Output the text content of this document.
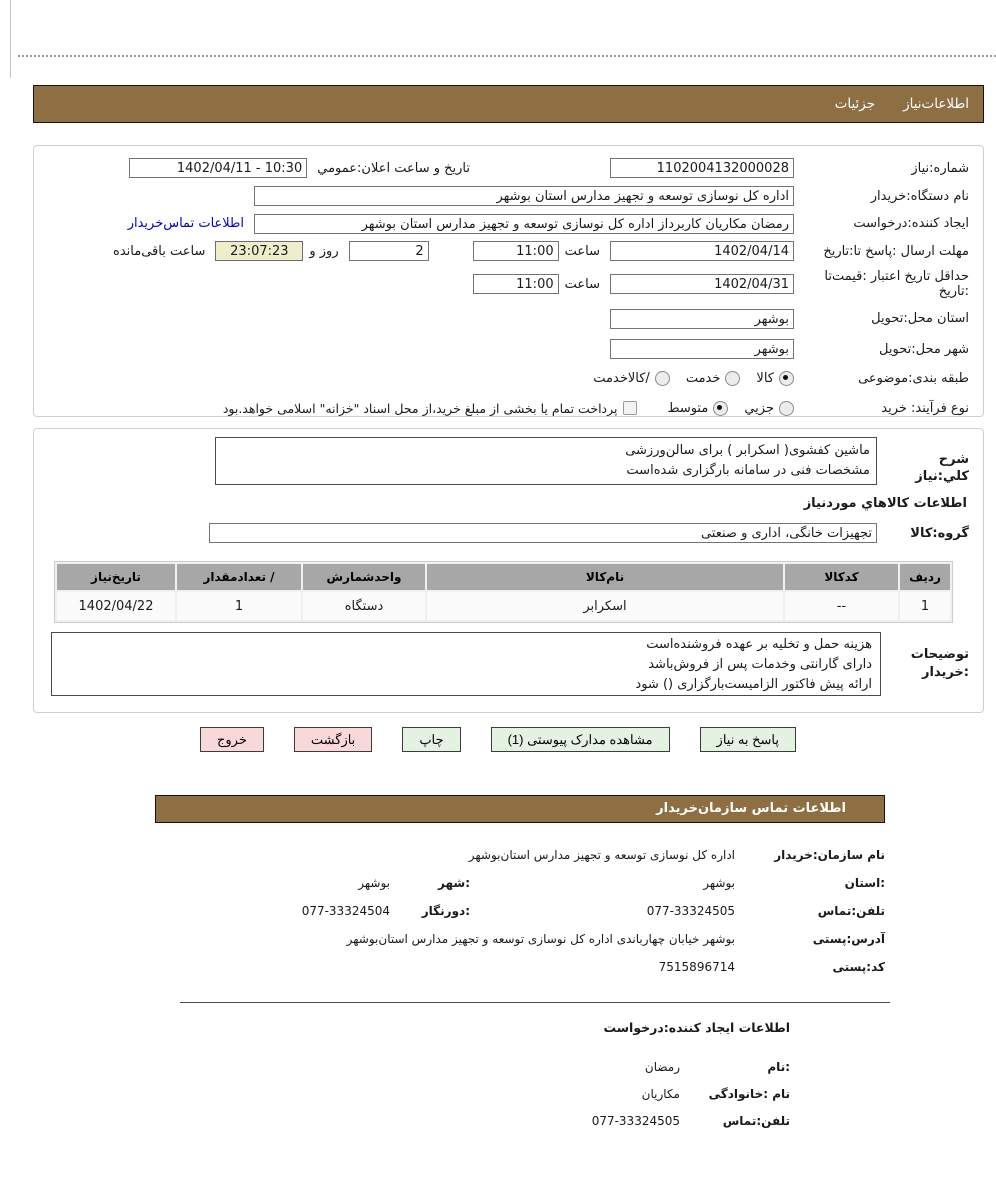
اطلاعات‌نیاز
جزئیات
شماره:نیاز
1102004132000028
تاریخ و ساعت اعلان:عمومي
1402/04/11 - 10:30
نام دستگاه:خریدار
اداره کل نوسازی توسعه و تجهیز مدارس استان بوشهر
ایجاد کننده:درخواست
رمضان مکاریان کاربرداز اداره کل نوسازی توسعه و تجهیز مدارس استان بوشهر
اطلاعات تماس‌خریدار
مهلت ارسال :پاسخ تا:تاریخ
1402/04/14
ساعت
11:00
2
روز و
23:07:23
ساعت باقی‌مانده
حداقل تاریخ اعتبار :قیمت‌تا :تاریخ
1402/04/31
ساعت
11:00
استان محل:تحویل
بوشهر
شهر محل:تحویل
بوشهر
طبقه بندی:موضوعی
کالا
خدمت
/کالاخدمت
نوع فرآیند: خرید
جزیي
متوسط
پرداخت تمام یا بخشی از مبلغ خرید،از محل اسناد "خزانه" اسلامی خواهد.بود
شرح کلي:نیاز
ماشین کفشوی( اسکرابر ) برای سالن‌ورزشی
مشخصات فنی در سامانه بارگزاری شده‌است
اطلاعات کالاهاي موردنیاز
گروه:کالا
تجهیزات خانگی، اداری و صنعتی
ردیف	کدکالا	نام‌کالا	واحدشمارش	/ تعدادمقدار	تاریخ‌نیاز
1	--	اسکرابر	دستگاه	1	1402/04/22
توضیحات :خریدار
هزینه حمل و تخلیه بر عهده فروشنده‌است
دارای گارانتی وخدمات پس از فروش‌باشد
ارائه پیش فاکتور الزامیست‌بارگزاری () شود
پاسخ به نیاز
مشاهده مدارک پیوستی (1)
چاپ
بازگشت
خروج
اطلاعات تماس سازمان‌خریدار
نام سازمان:خریدار
اداره کل نوسازی توسعه و تجهیز مدارس استان‌بوشهر
:استان
بوشهر
:شهر
بوشهر
تلفن:تماس
077-33324505
:دورنگار
077-33324504
آدرس:پستی
بوشهر خیابان چهارباندی اداره کل نوسازی توسعه و تجهیز مدارس استان‌بوشهر
کد:پستی
7515896714
اطلاعات ایجاد کننده:درخواست
:نام
رمضان
نام :خانوادگی
مکاریان
تلفن:تماس
077-33324505
